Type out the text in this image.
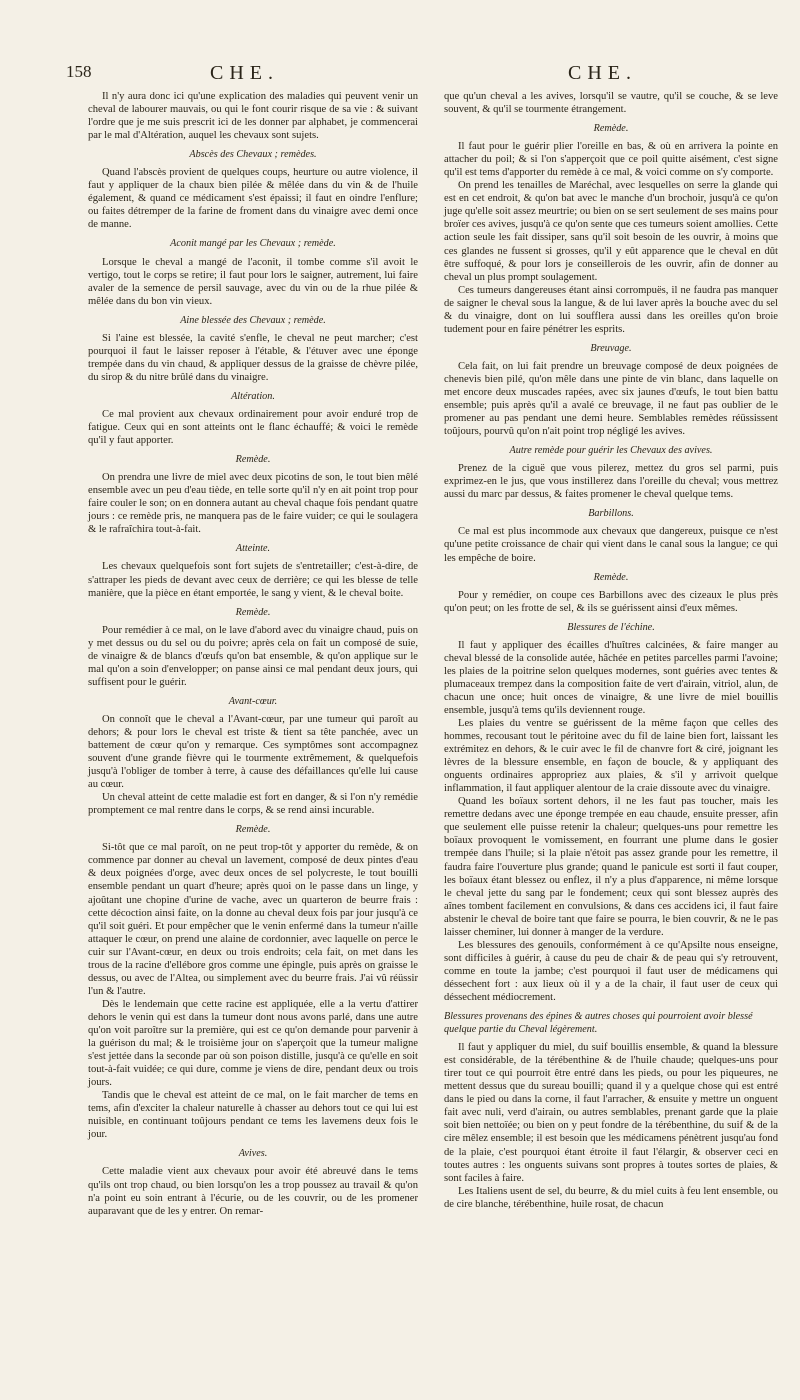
158	CHE.	CHE.

Il n'y aura donc ici qu'une explication des maladies qui peuvent venir un cheval de labourer mauvais, ou qui le font courir risque de sa vie : & suivant l'ordre que je me suis prescrit ici de les donner par alphabet, je commencerai par le mal d'Altération, auquel les chevaux sont sujets.

Abscès des Chevaux ; remèdes.

Quand l'abscès provient de quelques coups, heurture ou autre violence, il faut y appliquer de la chaux bien pilée & mêlée dans du vin & de l'huile également, & quand ce médicament s'est épaissi; il faut en oindre l'enflure; ou faites détremper de la farine de froment dans du vinaigre avec demi once de manne.

Aconit mangé par les Chevaux ; remède.

Lorsque le cheval a mangé de l'aconit, il tombe comme s'il avoit le vertigo, tout le corps se retire; il faut pour lors le saigner, autrement, lui faire avaler de la semence de persil sauvage, avec du vin ou de la rhue pilée & mêlée dans du bon vin vieux.

Aine blessée des Chevaux ; remède.

Si l'aine est blessée, la cavité s'enfle, le cheval ne peut marcher; c'est pourquoi il faut le laisser reposer à l'étable, & l'étuver avec une éponge trempée dans du vin chaud, & appliquer dessus de la graisse de chèvre pilée, du sirop & du nitre brûlé dans du vinaigre.

Altération.

Ce mal provient aux chevaux ordinairement pour avoir enduré trop de fatigue. Ceux qui en sont atteints ont le flanc échauffé; & voici le remède qu'il y faut apporter.

Remède.

On prendra une livre de miel avec deux picotins de son, le tout bien mêlé ensemble avec un peu d'eau tiède, en telle sorte qu'il n'y en ait point trop pour faire couler le son; on en donnera autant au cheval chaque fois pendant quatre jours : ce remède pris, ne manquera pas de le faire vuider; ce qui le soulagera & le rafraîchira tout-à-fait.

Atteinte.

Les chevaux quelquefois sont fort sujets de s'entretailler; c'est-à-dire, de s'attraper les pieds de devant avec ceux de derrière; ce qui les blesse de telle manière, que la pièce en étant emportée, le sang y vient, & le cheval boite.

Remède.

Pour remédier à ce mal, on le lave d'abord avec du vinaigre chaud, puis on y met dessus ou du sel ou du poivre; après cela on fait un composé de suie, de vinaigre & de blancs d'œufs qu'on bat ensemble, & qu'on applique sur le mal qu'on a soin d'envelopper; on panse ainsi ce mal pendant deux jours, qui suffisent pour le guérir.

Avant-cœur.

On connoît que le cheval a l'Avant-cœur, par une tumeur qui paroît au dehors; & pour lors le cheval est triste & tient sa tête panchée, avec un battement de cœur qu'on y remarque. Ces symptômes sont accompagnez souvent d'une grande fièvre qui le tourmente extrêmement, & quelquefois jusqu'à l'obliger de tomber à terre, à cause des défaillances qu'elle lui cause au cœur.

Un cheval atteint de cette maladie est fort en danger, & si l'on n'y remédie promptement ce mal rentre dans le corps, & se rend ainsi incurable.

Remède.

Si-tôt que ce mal paroît, on ne peut trop-tôt y apporter du remède, & on commence par donner au cheval un lavement, composé de deux pintes d'eau & deux poignées d'orge, avec deux onces de sel polycreste, le tout bouilli ensemble pendant un quart d'heure; après quoi on le passe dans un linge, y ajoûtant une chopine d'urine de vache, avec un quarteron de beurre frais : cette décoction ainsi faite, on la donne au cheval deux fois par jour jusqu'à ce qu'il soit guéri. Et pour empêcher que le venin enfermé dans la tumeur n'aille attaquer le cœur, on prend une alaine de cordonnier, avec laquelle on perce le cuir sur l'Avant-cœur, en deux ou trois endroits; cela fait, on met dans les trous de la racine d'ellébore gros comme une épingle, puis après on graisse le dessus, ou avec de l'Altea, ou simplement avec du beurre frais. J'ai vû réüssir l'un & l'autre.

Dès le lendemain que cette racine est appliquée, elle a la vertu d'attirer dehors le venin qui est dans la tumeur dont nous avons parlé, dans une autre qu'on voit paroître sur la première, qui est ce qu'on demande pour parvenir à la guérison du mal; & le troisième jour on s'aperçoit que la tumeur maligne s'est jettée dans la seconde par où son poison distille, jusqu'à ce qu'elle en soit tout-à-fait vuidée; ce qui dure, comme je viens de dire, pendant deux ou trois jours.

Tandis que le cheval est atteint de ce mal, on le fait marcher de tems en tems, afin d'exciter la chaleur naturelle à chasser au dehors tout ce qui lui est nuisible, en continuant toûjours pendant ce tems les lavemens deux fois le jour.

Avives.

Cette maladie vient aux chevaux pour avoir été abreuvé dans le tems qu'ils ont trop chaud, ou bien lorsqu'on les a trop poussez au travail & qu'on n'a point eu soin entrant à l'écurie, ou de les couvrir, ou de les promener auparavant que de les y entrer. On remar-

que qu'un cheval a les avives, lorsqu'il se vautre, qu'il se couche, & se leve souvent, & qu'il se tourmente étrangement.

Remède.

Il faut pour le guérir plier l'oreille en bas, & où en arrivera la pointe en attacher du poil; & si l'on s'apperçoit que ce poil quitte aisément, c'est signe qu'il est tems d'apporter du remède à ce mal, & voici comme on s'y comporte.

On prend les tenailles de Maréchal, avec lesquelles on serre la glande qui est en cet endroit, & qu'on bat avec le manche d'un brochoir, jusqu'à ce qu'on juge qu'elle soit assez meurtrie; ou bien on se sert seulement de ses mains pour broïer ces avives, jusqu'à ce qu'on sente que ces tumeurs soient amollies. Cette action seule les fait dissiper, sans qu'il soit besoin de les ouvrir, à moins que ces glandes ne fussent si grosses, qu'il y eût apparence que le cheval en dût être suffoqué, & pour lors je conseillerois de les ouvrir, afin de donner au cheval un plus prompt soulagement.

Ces tumeurs dangereuses étant ainsi corrompuës, il ne faudra pas manquer de saigner le cheval sous la langue, & de lui laver après la bouche avec du sel & du vinaigre, dont on lui soufflera aussi dans les oreilles qu'on broie tudement pour en faire pénétrer les esprits.

Breuvage.

Cela fait, on lui fait prendre un breuvage composé de deux poignées de chenevis bien pilé, qu'on mêle dans une pinte de vin blanc, dans laquelle on met encore deux muscades rapées, avec six jaunes d'œufs, le tout bien battu ensemble; puis après qu'il a avalé ce breuvage, il ne faut pas oublier de le promener au pas pendant une demi heure. Semblables remèdes réüssissent toûjours, pourvû qu'on n'ait point trop négligé les avives.

Autre remède pour guérir les Chevaux des avives.

Prenez de la ciguë que vous pilerez, mettez du gros sel parmi, puis exprimez-en le jus, que vous instillerez dans l'oreille du cheval; vous mettrez aussi du marc par dessus, & faites promener le cheval quelque tems.

Barbillons.

Ce mal est plus incommode aux chevaux que dangereux, puisque ce n'est qu'une petite croissance de chair qui vient dans le canal sous la langue; ce qui les empêche de boire.

Remède.

Pour y remédier, on coupe ces Barbillons avec des cizeaux le plus près qu'on peut; on les frotte de sel, & ils se guérissent ainsi d'eux mêmes.

Blessures de l'échine.

Il faut y appliquer des écailles d'huîtres calcinées, & faire manger au cheval blessé de la consolide autée, hâchée en petites parcelles parmi l'avoine; les plaies de la poitrine selon quelques modernes, sont guéries avec tentes & plumaceaux trempez dans la composition faite de vert d'airain, vitriol, alun, de chacun une once; huit onces de vinaigre, & une livre de miel bouillis ensemble, jusqu'à tems qu'ils deviennent rouge.

Les plaies du ventre se guérissent de la même façon que celles des hommes, recousant tout le péritoine avec du fil de laine bien fort, laissant les extrémitez en dehors, & le cuir avec le fil de chanvre fort & ciré, joignant les lèvres de la blessure ensemble, en façon de boucle, & y appliquant des onguents ordinaires appropriez aux plaies, & s'il y arrivoit quelque inflammation, il faut appliquer alentour de la craie dissoute avec du vinaigre.

Quand les boïaux sortent dehors, il ne les faut pas toucher, mais les remettre dedans avec une éponge trempée en eau chaude, ensuite presser, afin que seulement elle puisse retenir la chaleur; quelques-uns pour remettre les boïaux provoquent le vomissement, en fourrant une plume dans le gosier trempée dans l'huile; si la plaie n'étoit pas assez grande pour les remettre, il faudra faire l'ouverture plus grande; quand le panicule est sorti il faut couper, les boïaux étant blessez ou enflez, il n'y a plus d'apparence, ni même lorsque le cheval jette du sang par le fondement; ceux qui sont blessez auprès des aînes tombent facilement en convulsions, & dans ces accidens ici, il faut faire abstenir le cheval de boire tant que faire se pourra, le bien couvrir, & ne le pas laisser cheminer, lui donner à manger de la verdure.

Les blessures des genouils, conformément à ce qu'Apsilte nous enseigne, sont difficiles à guérir, à cause du peu de chair & de peau qui s'y retrouvent, comme en toute la jambe; c'est pourquoi il faut user de médicamens qui déssechent fort : aux lieux où il y a de la chair, il faut user de ceux qui déssechent médiocrement.

Blessures provenans des épines & autres choses qui pourroient avoir blessé quelque partie du Cheval légèrement.

Il faut y appliquer du miel, du suif bouillis ensemble, & quand la blessure est considérable, de la térébenthine & de l'huile chaude; quelques-uns pour tirer tout ce qui pourroit être entré dans les pieds, ou pour les piqueures, ne mettent dessus que du sureau bouilli; quand il y a quelque chose qui est entré dans le pied ou dans la corne, il faut l'arracher, & ensuite y mettre un onguent fait avec nuli, verd d'airain, ou autres semblables, prenant garde que la plaie soit bien nettoïée; ou bien on y peut fondre de la térébenthine, du suif & de la cire mêlez ensemble; il est besoin que les médicamens pénètrent jusqu'au fond de la plaie, c'est pourquoi étant étroite il faut l'élargir, & observer ceci en toutes autres : les onguents suivans sont propres à toutes sortes de plaies, & sont faciles à faire.

Les Italiens usent de sel, du beurre, & du miel cuits à feu lent ensemble, ou de cire blanche, térébenthine, huile rosat, de chacun
